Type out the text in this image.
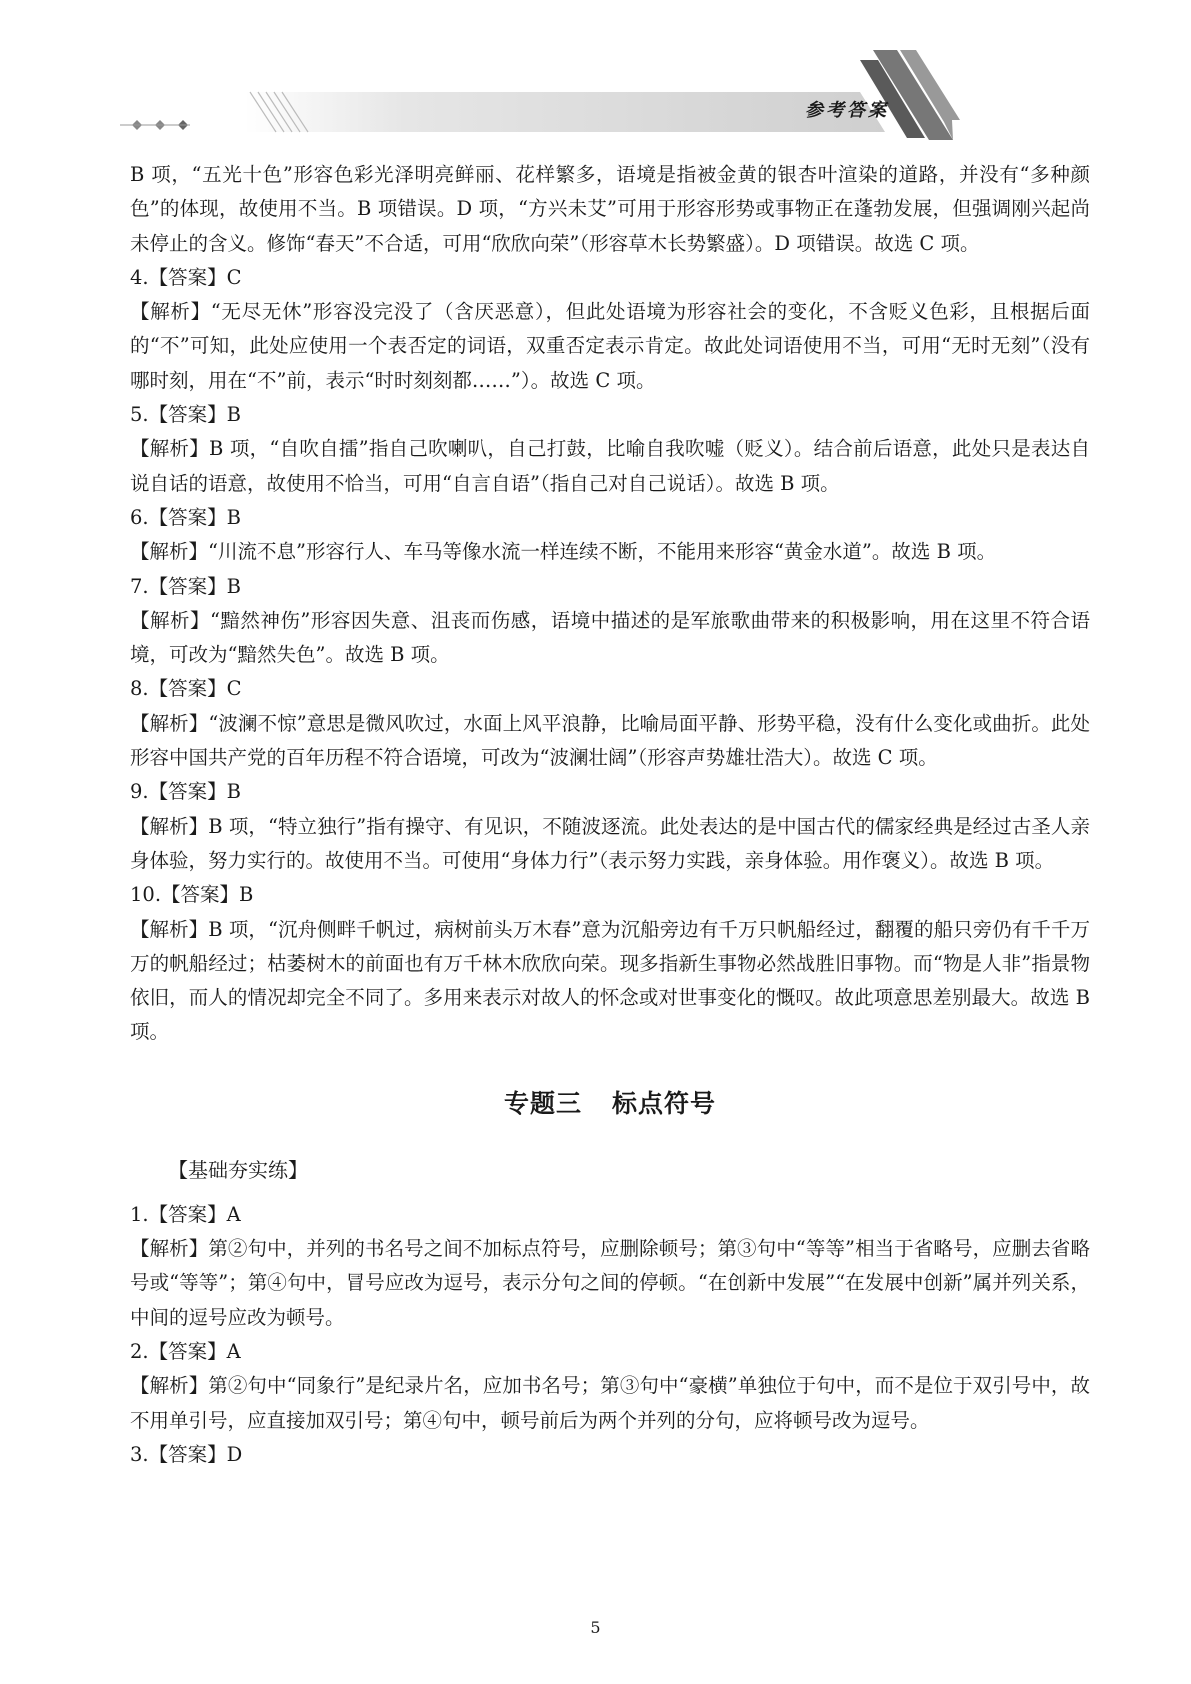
参考答案

B 项，“五光十色”形容色彩光泽明亮鲜丽、花样繁多，语境是指被金黄的银杏叶渲染的道路，并没有“多种颜色”的体现，故使用不当。B 项错误。D 项，“方兴未艾”可用于形容形势或事物正在蓬勃发展，但强调刚兴起尚未停止的含义。修饰“春天”不合适，可用“欣欣向荣”（形容草木长势繁盛）。D 项错误。故选 C 项。

4.【答案】C

【解析】“无尽无休”形容没完没了（含厌恶意），但此处语境为形容社会的变化，不含贬义色彩，且根据后面的“不”可知，此处应使用一个表否定的词语，双重否定表示肯定。故此处词语使用不当，可用“无时无刻”（没有哪时刻，用在“不”前，表示“时时刻刻都……”）。故选 C 项。

5.【答案】B

【解析】B 项，“自吹自擂”指自己吹喇叭，自己打鼓，比喻自我吹嘘（贬义）。结合前后语意，此处只是表达自说自话的语意，故使用不恰当，可用“自言自语”（指自己对自己说话）。故选 B 项。

6.【答案】B

【解析】“川流不息”形容行人、车马等像水流一样连续不断，不能用来形容“黄金水道”。故选 B 项。

7.【答案】B

【解析】“黯然神伤”形容因失意、沮丧而伤感，语境中描述的是军旅歌曲带来的积极影响，用在这里不符合语境，可改为“黯然失色”。故选 B 项。

8.【答案】C

【解析】“波澜不惊”意思是微风吹过，水面上风平浪静，比喻局面平静、形势平稳，没有什么变化或曲折。此处形容中国共产党的百年历程不符合语境，可改为“波澜壮阔”（形容声势雄壮浩大）。故选 C 项。

9.【答案】B

【解析】B 项，“特立独行”指有操守、有见识，不随波逐流。此处表达的是中国古代的儒家经典是经过古圣人亲身体验，努力实行的。故使用不当。可使用“身体力行”（表示努力实践，亲身体验。用作褒义）。故选 B 项。

10.【答案】B

【解析】B 项，“沉舟侧畔千帆过，病树前头万木春”意为沉船旁边有千万只帆船经过，翻覆的船只旁仍有千千万万的帆船经过；枯萎树木的前面也有万千林木欣欣向荣。现多指新生事物必然战胜旧事物。而“物是人非”指景物依旧，而人的情况却完全不同了。多用来表示对故人的怀念或对世事变化的慨叹。故此项意思差别最大。故选 B 项。

专题三 标点符号
【基础夯实练】

1.【答案】A

【解析】第②句中，并列的书名号之间不加标点符号，应删除顿号；第③句中“等等”相当于省略号，应删去省略号或“等等”；第④句中，冒号应改为逗号，表示分句之间的停顿。“在创新中发展”“在发展中创新”属并列关系，中间的逗号应改为顿号。

2.【答案】A

【解析】第②句中“同象行”是纪录片名，应加书名号；第③句中“豪横”单独位于句中，而不是位于双引号中，故不用单引号，应直接加双引号；第④句中，顿号前后为两个并列的分句，应将顿号改为逗号。

3.【答案】D

5
